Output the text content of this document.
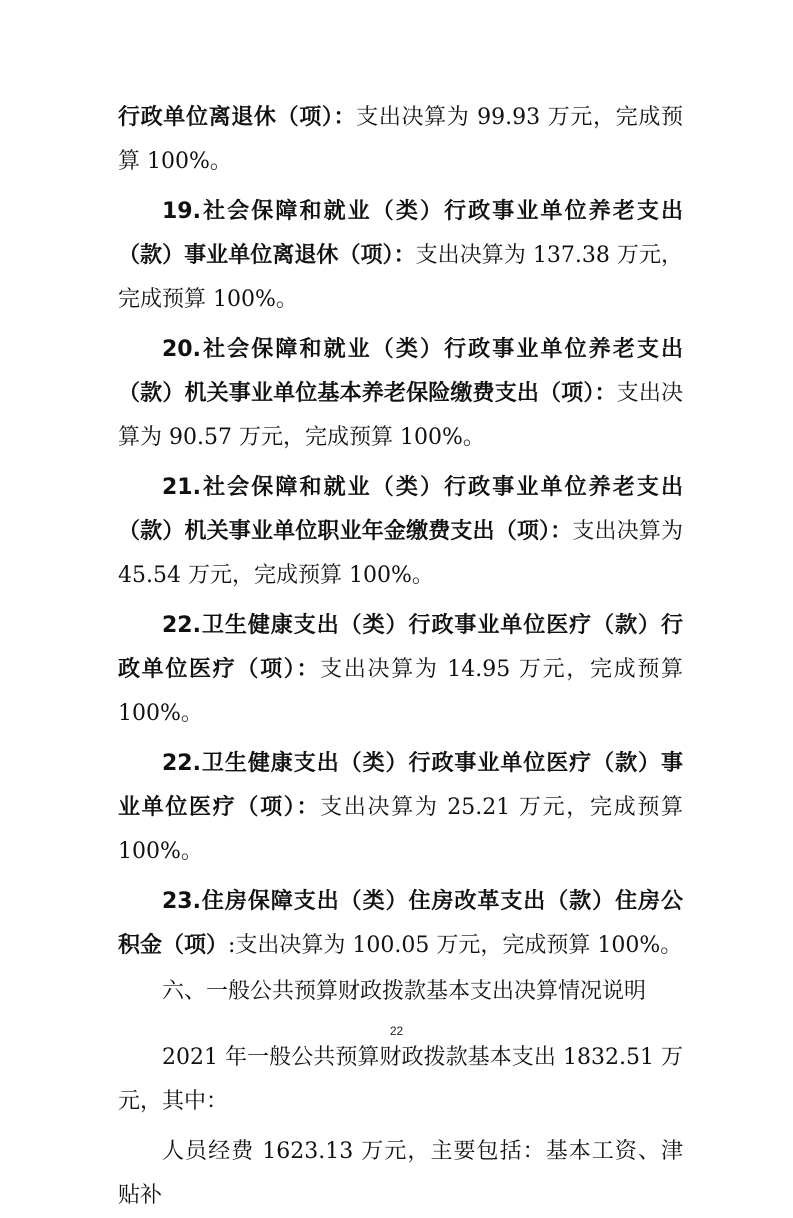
行政单位离退休（项）：支出决算为 99.93 万元，完成预算 100%。

19.社会保障和就业（类）行政事业单位养老支出（款）事业单位离退休（项）：支出决算为 137.38 万元，完成预算 100%。

20.社会保障和就业（类）行政事业单位养老支出（款）机关事业单位基本养老保险缴费支出（项）：支出决算为 90.57 万元，完成预算 100%。

21.社会保障和就业（类）行政事业单位养老支出（款）机关事业单位职业年金缴费支出（项）：支出决算为 45.54 万元，完成预算 100%。

22.卫生健康支出（类）行政事业单位医疗（款）行政单位医疗（项）：支出决算为 14.95 万元，完成预算 100%。

22.卫生健康支出（类）行政事业单位医疗（款）事业单位医疗（项）：支出决算为 25.21 万元，完成预算 100%。

23.住房保障支出（类）住房改革支出（款）住房公积金（项）:支出决算为 100.05 万元，完成预算 100%。

六、一般公共预算财政拨款基本支出决算情况说明

2021 年一般公共预算财政拨款基本支出 1832.51 万元，其中：

人员经费 1623.13 万元，主要包括：基本工资、津贴补

22
